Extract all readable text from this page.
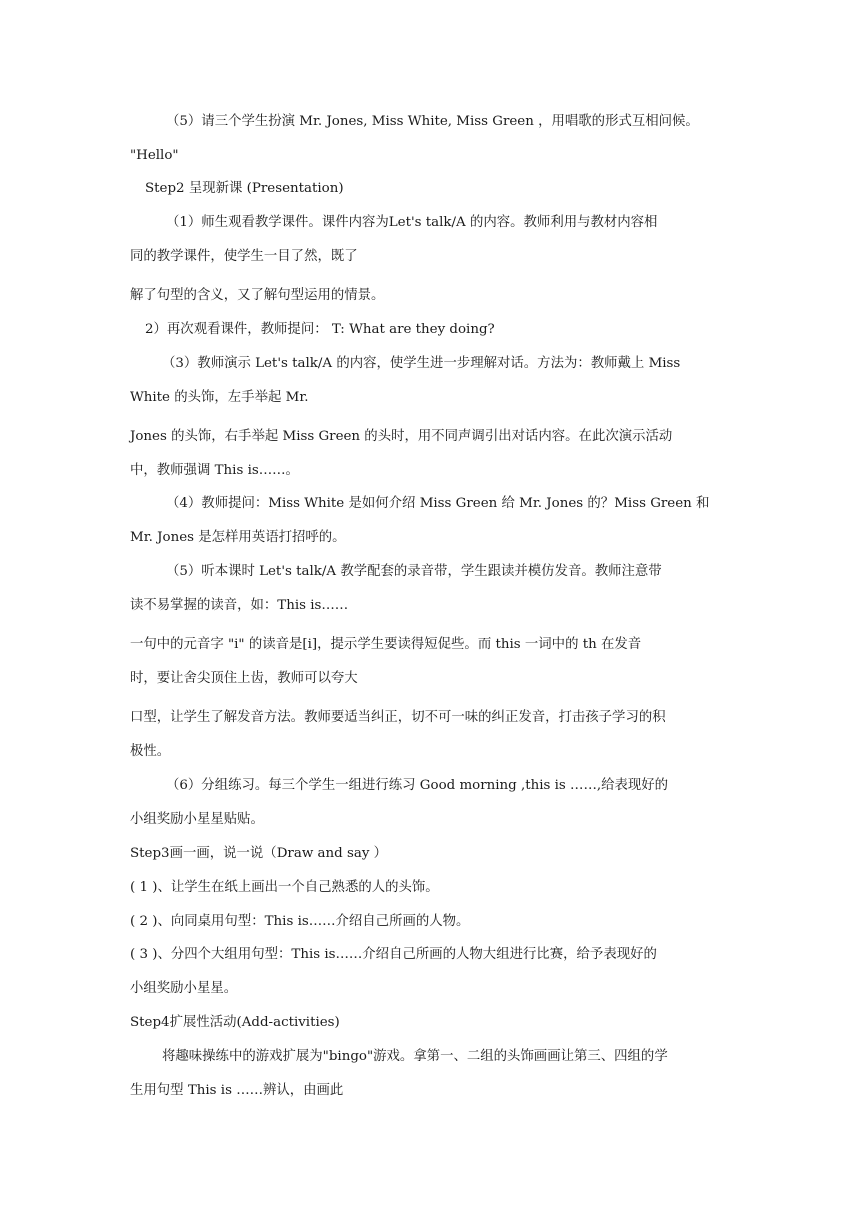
（5）请三个学生扮演 Mr. Jones, Miss White, Miss Green ，用唱歌的形式互相问候。
"Hello"
Step2 呈现新课 (Presentation)
（1）师生观看教学课件。课件内容为Let's talk/A 的内容。教师利用与教材内容相
同的教学课件，使学生一目了然，既了
解了句型的含义，又了解句型运用的情景。
2）再次观看课件，教师提问： T: What are they doing?
（3）教师演示 Let's talk/A 的内容，使学生进一步理解对话。方法为：教师戴上 Miss
White 的头饰，左手举起 Mr.
Jones 的头饰，右手举起 Miss Green 的头时，用不同声调引出对话内容。在此次演示活动
中，教师强调 This is……。
（4）教师提问：Miss White 是如何介绍 Miss Green 给 Mr. Jones 的？Miss Green 和
Mr. Jones 是怎样用英语打招呼的。
（5）听本课时 Let's talk/A 教学配套的录音带，学生跟读并模仿发音。教师注意带
读不易掌握的读音，如：This is……
一句中的元音字 "i" 的读音是[i]，提示学生要读得短促些。而 this 一词中的 th 在发音
时，要让舍尖顶住上齿，教师可以夸大
口型，让学生了解发音方法。教师要适当纠正，切不可一味的纠正发音，打击孩子学习的积
极性。
（6）分组练习。每三个学生一组进行练习 Good morning ,this is ……,给表现好的
小组奖励小星星贴贴。
Step3画一画，说一说（Draw and say ）
( 1 )、让学生在纸上画出一个自己熟悉的人的头饰。
( 2 )、向同桌用句型：This is……介绍自己所画的人物。
( 3 )、分四个大组用句型：This is……介绍自己所画的人物大组进行比赛，给予表现好的
小组奖励小星星。
Step4扩展性活动(Add-activities)
将趣味操练中的游戏扩展为"bingo"游戏。拿第一、二组的头饰画画让第三、四组的学
生用句型 This is ……辨认，由画此
